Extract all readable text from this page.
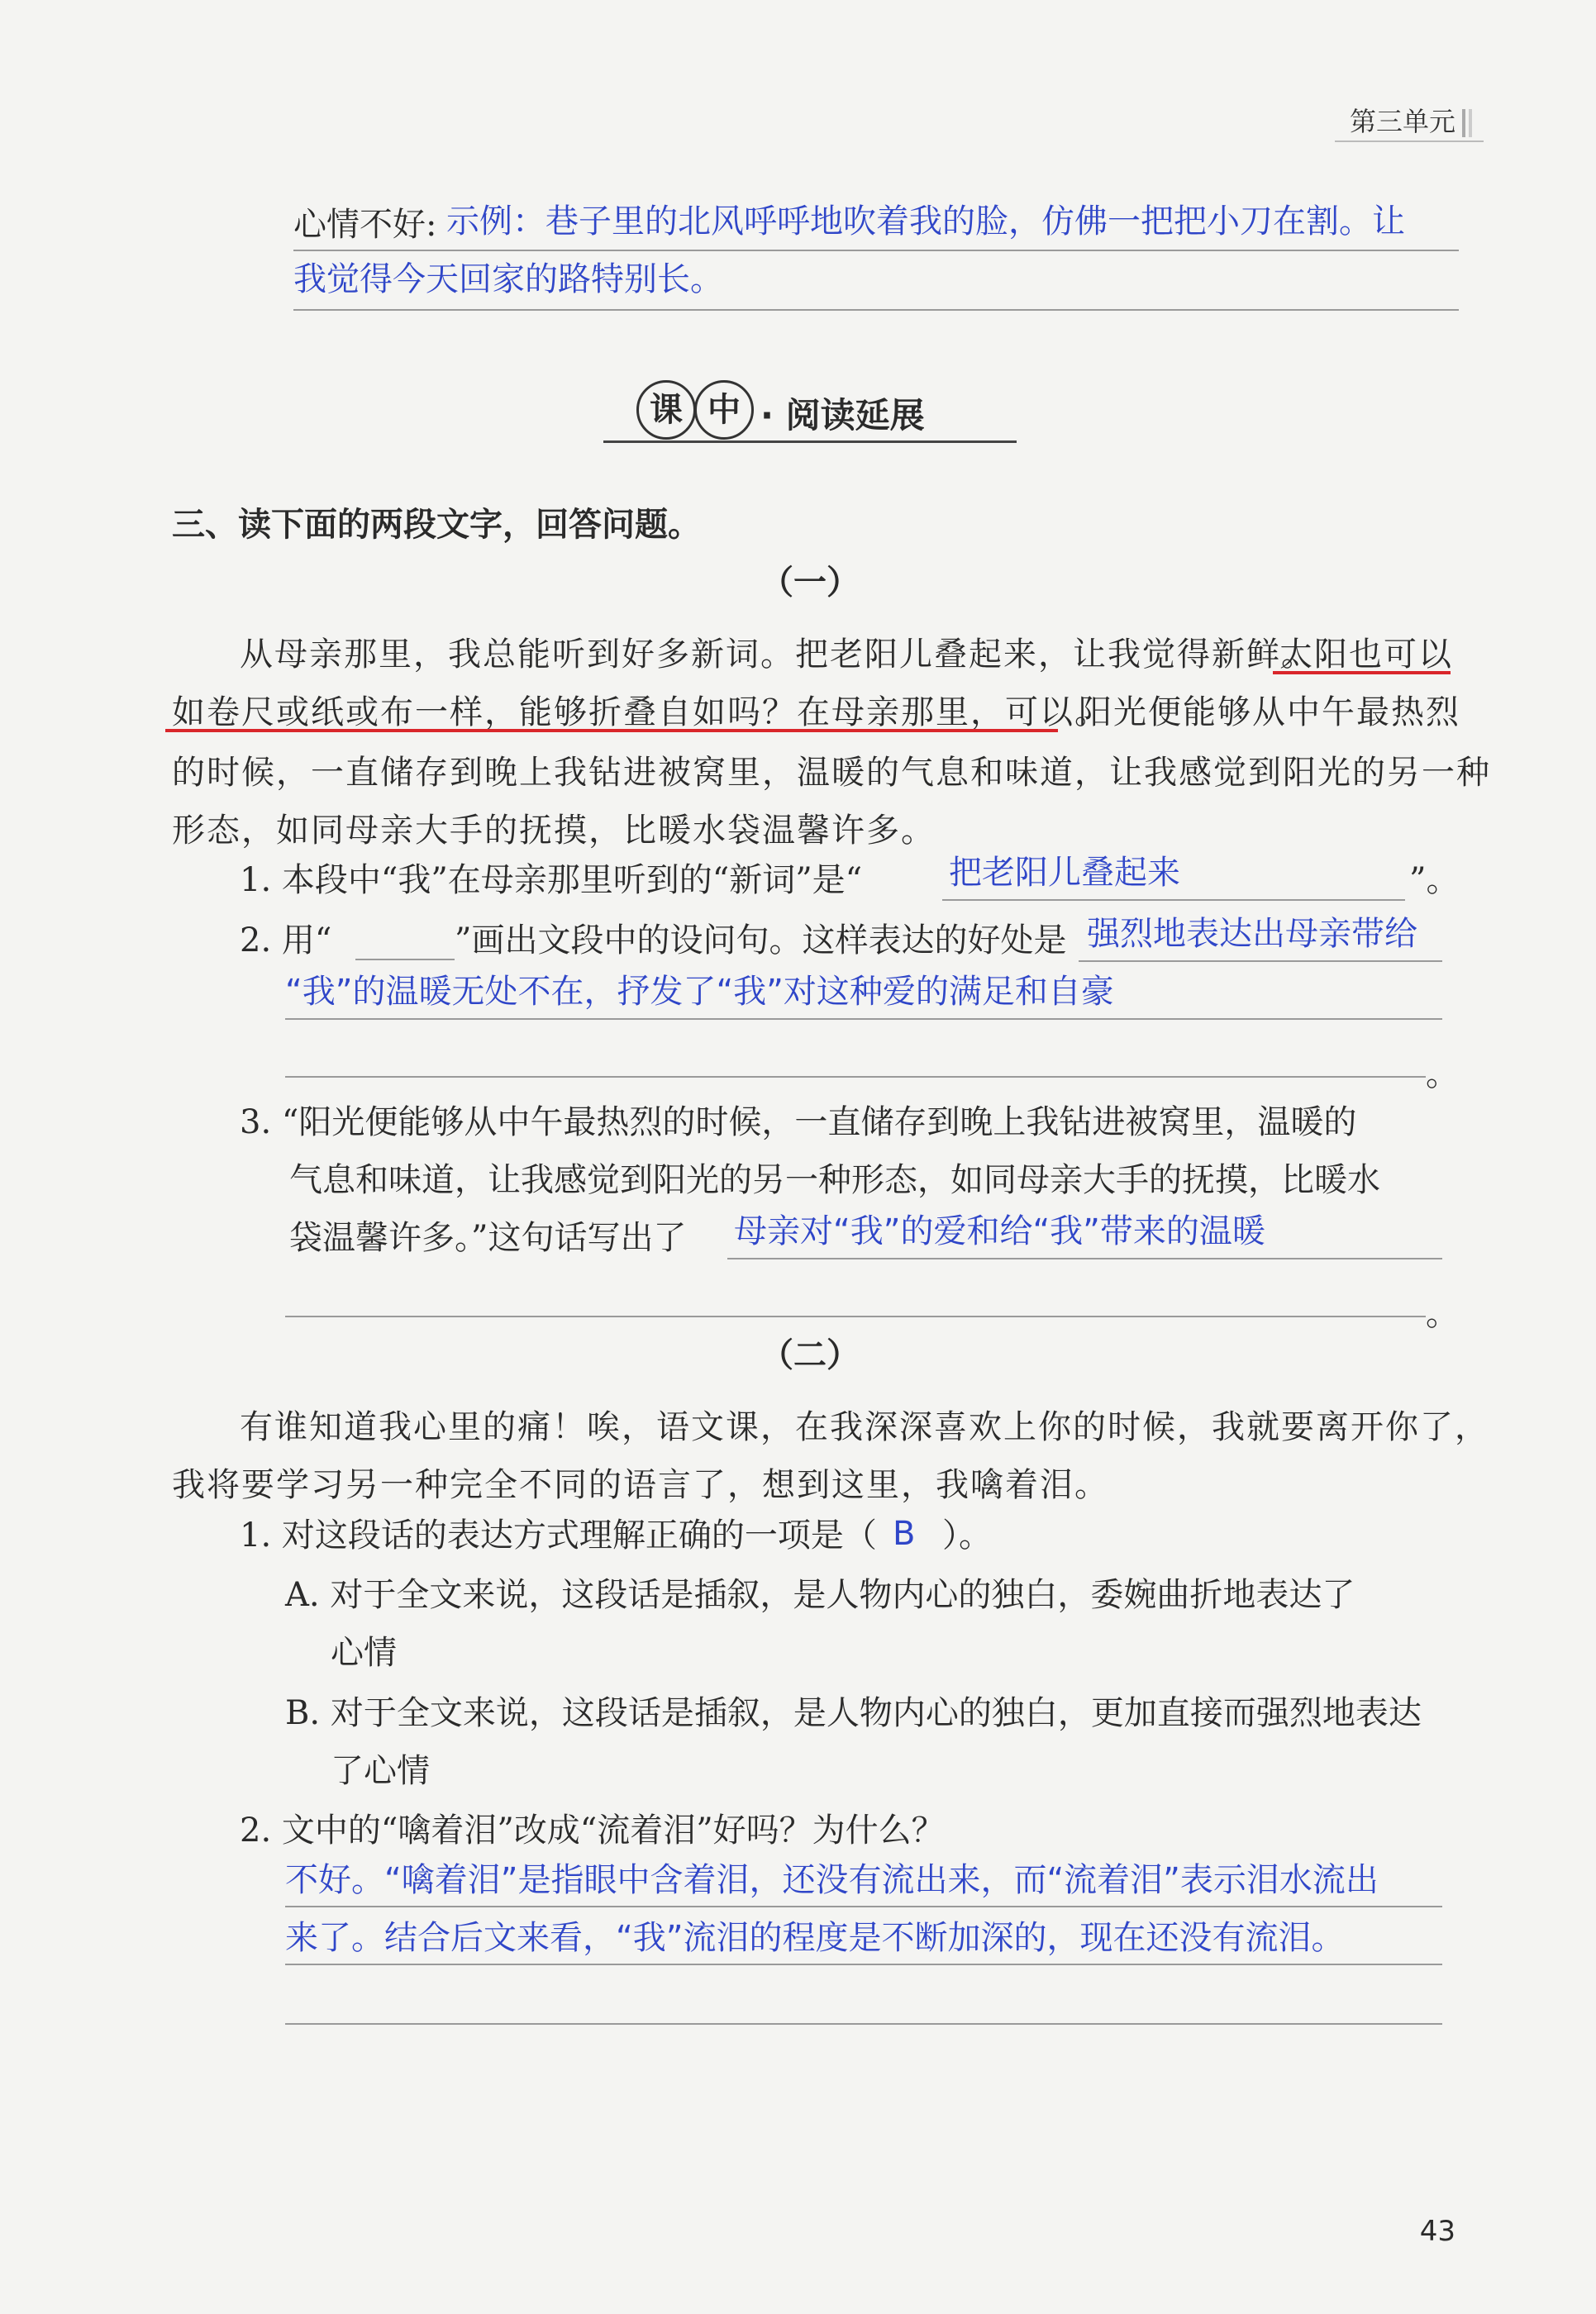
第三单元
心情不好: 示例：巷子里的北风呼呼地吹着我的脸，仿佛一把把小刀在割。让
我觉得今天回家的路特别长。
课 中 · 阅读延展
三、读下面的两段文字，回答问题。
（一）
从母亲那里，我总能听到好多新词。把老阳儿叠起来，让我觉得新鲜。
太阳也可以
如卷尺或纸或布一样，能够折叠自如吗？在母亲那里，可以。
阳光便能够从中午最热烈
的时候，一直储存到晚上我钻进被窝里，温暖的气息和味道，让我感觉到阳光的另一种
形态，如同母亲大手的抚摸，比暖水袋温馨许多。
1. 本段中“我”在母亲那里听到的“新词”是“	把老阳儿叠起来	”。
2. 用“	”画出文段中的设问句。这样表达的好处是 强烈地表达出母亲带给
“我”的温暖无处不在，抒发了“我”对这种爱的满足和自豪
。
3. “阳光便能够从中午最热烈的时候，一直储存到晚上我钻进被窝里，温暖的
气息和味道，让我感觉到阳光的另一种形态，如同母亲大手的抚摸，比暖水
袋温馨许多。”这句话写出了 母亲对“我”的爱和给“我”带来的温暖
。
（二）
有谁知道我心里的痛！唉，语文课，在我深深喜欢上你的时候，我就要离开你了，
我将要学习另一种完全不同的语言了，想到这里，我噙着泪。
1. 对这段话的表达方式理解正确的一项是（ B ）。
A. 对于全文来说，这段话是插叙，是人物内心的独白，委婉曲折地表达了
心情
B. 对于全文来说，这段话是插叙，是人物内心的独白，更加直接而强烈地表达
了心情
2. 文中的“噙着泪”改成“流着泪”好吗？为什么？
不好。“噙着泪”是指眼中含着泪，还没有流出来，而“流着泪”表示泪水流出
来了。结合后文来看，“我”流泪的程度是不断加深的，现在还没有流泪。
43
